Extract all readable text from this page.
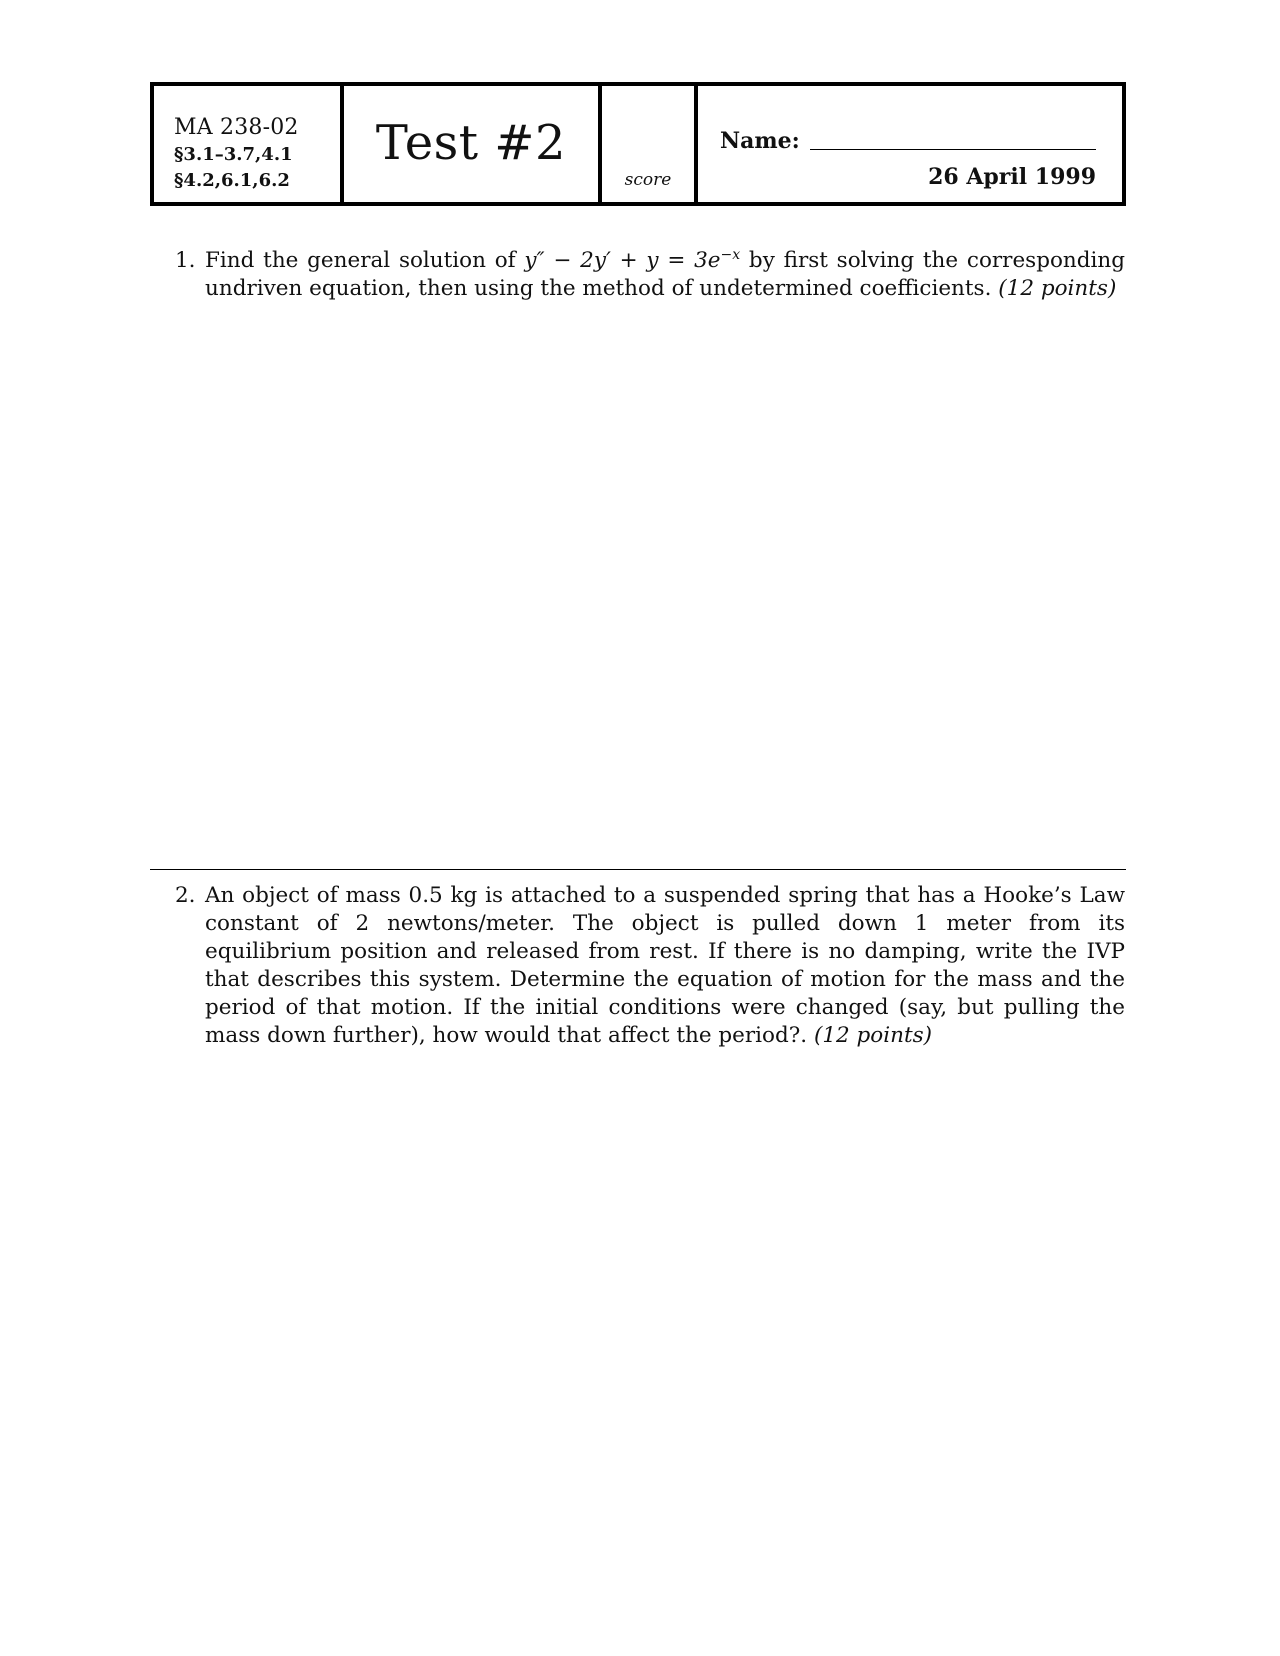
MA 238-02
§3.1–3.7,4.1
§4.2,6.1,6.2
Test #2
score
Name:
26 April 1999
1. Find the general solution of $y'' - 2y' + y = 3e^{-x}$ by first solving the corresponding undriven equation, then using the method of undetermined coefficients. (12 points)
2. An object of mass 0.5 kg is attached to a suspended spring that has a Hooke’s Law constant of 2 newtons/meter. The object is pulled down 1 meter from its equilibrium position and released from rest. If there is no damping, write the IVP that describes this system. Determine the equation of motion for the mass and the period of that motion. If the initial conditions were changed (say, but pulling the mass down further), how would that affect the period?. (12 points)
